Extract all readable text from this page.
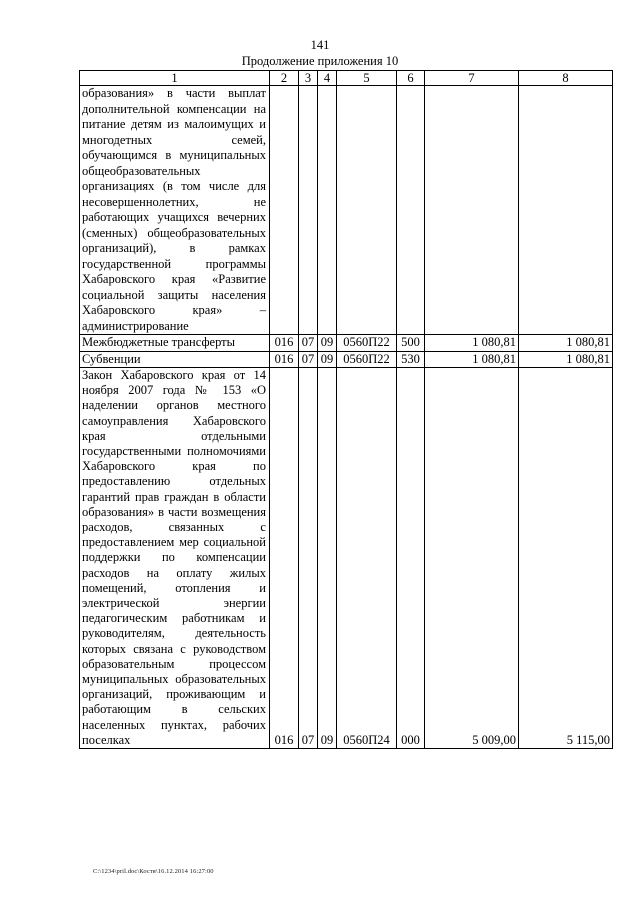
141
Продолжение приложения 10
1	2	3	4	5	6	7	8
образования» в части выплат дополнительной компенсации на питание детям из малоимущих и многодетных семей, обучающимся в муниципальных общеобразовательных организациях (в том числе для несовершеннолетних, не работающих учащихся вечерних (сменных) общеобразовательных организаций), в рамках государственной программы Хабаровского края «Развитие социальной защиты населения Хабаровского края» – администрирование							
Межбюджетные трансферты	016	07	09	0560П22	500	1 080,81	1 080,81
Субвенции	016	07	09	0560П22	530	1 080,81	1 080,81
Закон Хабаровского края от 14 ноября 2007 года № 153 «О наделении органов местного самоуправления Хабаровского края отдельными государственными полномочиями Хабаровского края по предоставлению отдельных гарантий прав граждан в области образования» в части возмещения расходов, связанных с предоставлением мер социальной поддержки по компенсации расходов на оплату жилых помещений, отопления и электрической энергии педагогическим работникам и руководителям, деятельность которых связана с руководством образовательным процессом муниципальных образовательных организаций, проживающим и работающим в сельских населенных пунктах, рабочих поселках	016	07	09	0560П24	000	5 009,00	5 115,00
C:\1234\pril.doc\Костя\16.12.2014 16:27:00
